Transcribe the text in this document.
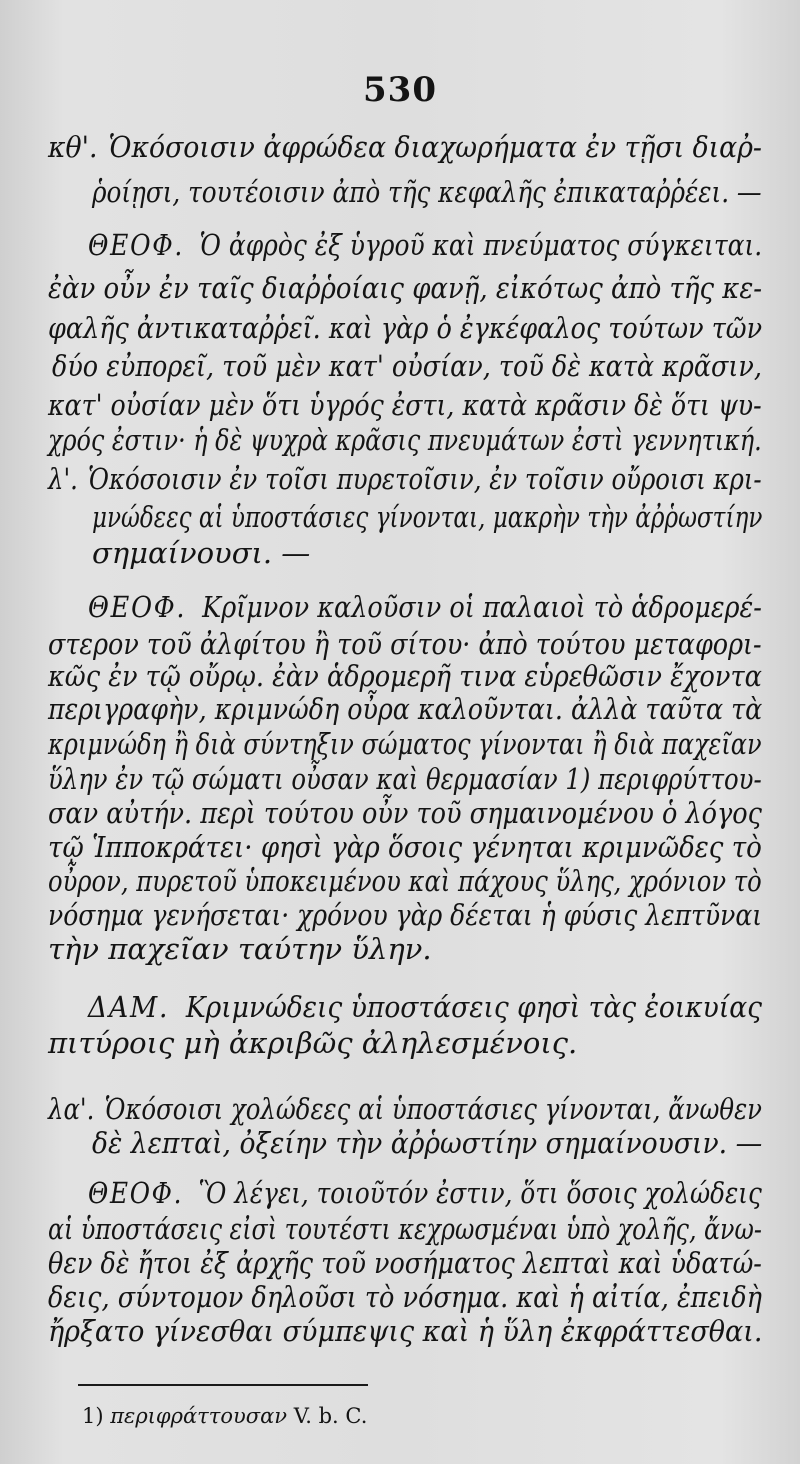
530
κθ'. Ὁκόσοισιν ἀφρώδεα διαχωρήματα ἐν τῇσι διαῤ-
ῥοίῃσι, τουτέοισιν ἀπὸ τῆς κεφαλῆς ἐπικαταῤῥέει. —
ΘΕΟΦ. Ὁ ἀφρὸς ἐξ ὑγροῦ καὶ πνεύματος σύγκειται.
ἐὰν οὖν ἐν ταῖς διαῤῥοίαις φανῇ, εἰκότως ἀπὸ τῆς κε-
φαλῆς ἀντικαταῤῥεῖ. καὶ γὰρ ὁ ἐγκέφαλος τούτων τῶν
δύο εὐπορεῖ, τοῦ μὲν κατ' οὐσίαν, τοῦ δὲ κατὰ κρᾶσιν,
κατ' οὐσίαν μὲν ὅτι ὑγρός ἐστι, κατὰ κρᾶσιν δὲ ὅτι ψυ-
χρός ἐστιν· ἡ δὲ ψυχρὰ κρᾶσις πνευμάτων ἐστὶ γεννητική.
λ'. Ὁκόσοισιν ἐν τοῖσι πυρετοῖσιν, ἐν τοῖσιν οὔροισι κρι-
μνώδεες αἱ ὑποστάσιες γίνονται, μακρὴν τὴν ἀῤῥωστίην
σημαίνουσι. —
ΘΕΟΦ. Κρῖμνον καλοῦσιν οἱ παλαιοὶ τὸ ἁδρομερέ-
στερον τοῦ ἀλφίτου ἢ τοῦ σίτου· ἀπὸ τούτου μεταφορι-
κῶς ἐν τῷ οὔρῳ. ἐὰν ἁδρομερῆ τινα εὑρεθῶσιν ἔχοντα
περιγραφὴν, κριμνώδη οὖρα καλοῦνται. ἀλλὰ ταῦτα τὰ
κριμνώδη ἢ διὰ σύντηξιν σώματος γίνονται ἢ διὰ παχεῖαν
ὕλην ἐν τῷ σώματι οὖσαν καὶ θερμασίαν 1) περιφρύττου-
σαν αὐτήν. περὶ τούτου οὖν τοῦ σημαινομένου ὁ λόγος
τῷ Ἱπποκράτει· φησὶ γὰρ ὅσοις γένηται κριμνῶδες τὸ
οὖρον, πυρετοῦ ὑποκειμένου καὶ πάχους ὕλης, χρόνιον τὸ
νόσημα γενήσεται· χρόνου γὰρ δέεται ἡ φύσις λεπτῦναι
τὴν παχεῖαν ταύτην ὕλην.
ΔΑΜ. Κριμνώδεις ὑποστάσεις φησὶ τὰς ἐοικυίας
πιτύροις μὴ ἀκριβῶς ἀληλεσμένοις.
λα'. Ὁκόσοισι χολώδεες αἱ ὑποστάσιες γίνονται, ἄνωθεν
δὲ λεπταὶ, ὀξείην τὴν ἀῤῥωστίην σημαίνουσιν. —
ΘΕΟΦ. Ὃ λέγει, τοιοῦτόν ἐστιν, ὅτι ὅσοις χολώδεις
αἱ ὑποστάσεις εἰσὶ τουτέστι κεχρωσμέναι ὑπὸ χολῆς, ἄνω-
θεν δὲ ἤτοι ἐξ ἀρχῆς τοῦ νοσήματος λεπταὶ καὶ ὑδατώ-
δεις, σύντομον δηλοῦσι τὸ νόσημα. καὶ ἡ αἰτία, ἐπειδὴ
ἤρξατο γίνεσθαι σύμπεψις καὶ ἡ ὕλη ἐκφράττεσθαι.
1) περιφράττουσαν V. b. C.
